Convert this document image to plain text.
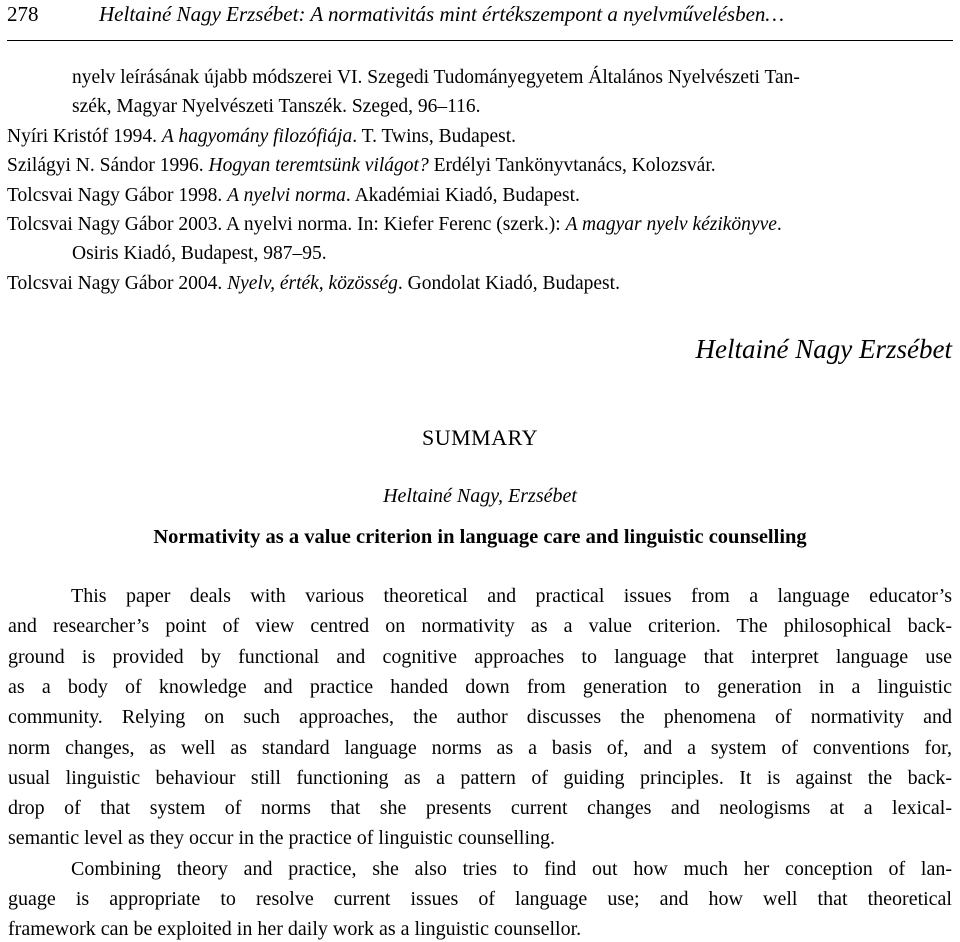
278	Heltainé Nagy Erzsébet: A normativitás mint értékszempont a nyelvművelésben…
nyelv leírásának újabb módszerei VI. Szegedi Tudományegyetem Általános Nyelvészeti Tan-
szék, Magyar Nyelvészeti Tanszék. Szeged, 96–116.
Nyíri Kristóf 1994. A hagyomány filozófiája. T. Twins, Budapest.
Szilágyi N. Sándor 1996. Hogyan teremtsünk világot? Erdélyi Tankönyvtanács, Kolozsvár.
Tolcsvai Nagy Gábor 1998. A nyelvi norma. Akadémiai Kiadó, Budapest.
Tolcsvai Nagy Gábor 2003. A nyelvi norma. In: Kiefer Ferenc (szerk.): A magyar nyelv kézikönyve.
Osiris Kiadó, Budapest, 987–95.
Tolcsvai Nagy Gábor 2004. Nyelv, érték, közösség. Gondolat Kiadó, Budapest.
Heltainé Nagy Erzsébet
SUMMARY
Heltainé Nagy, Erzsébet
Normativity as a value criterion in language care and linguistic counselling
This paper deals with various theoretical and practical issues from a language educator’s
and researcher’s point of view centred on normativity as a value criterion. The philosophical back-
ground is provided by functional and cognitive approaches to language that interpret language use
as a body of knowledge and practice handed down from generation to generation in a linguistic
community. Relying on such approaches, the author discusses the phenomena of normativity and
norm changes, as well as standard language norms as a basis of, and a system of conventions for,
usual linguistic behaviour still functioning as a pattern of guiding principles. It is against the back-
drop of that system of norms that she presents current changes and neologisms at a lexical-
semantic level as they occur in the practice of linguistic counselling.
Combining theory and practice, she also tries to find out how much her conception of lan-
guage is appropriate to resolve current issues of language use; and how well that theoretical
framework can be exploited in her daily work as a linguistic counsellor.
